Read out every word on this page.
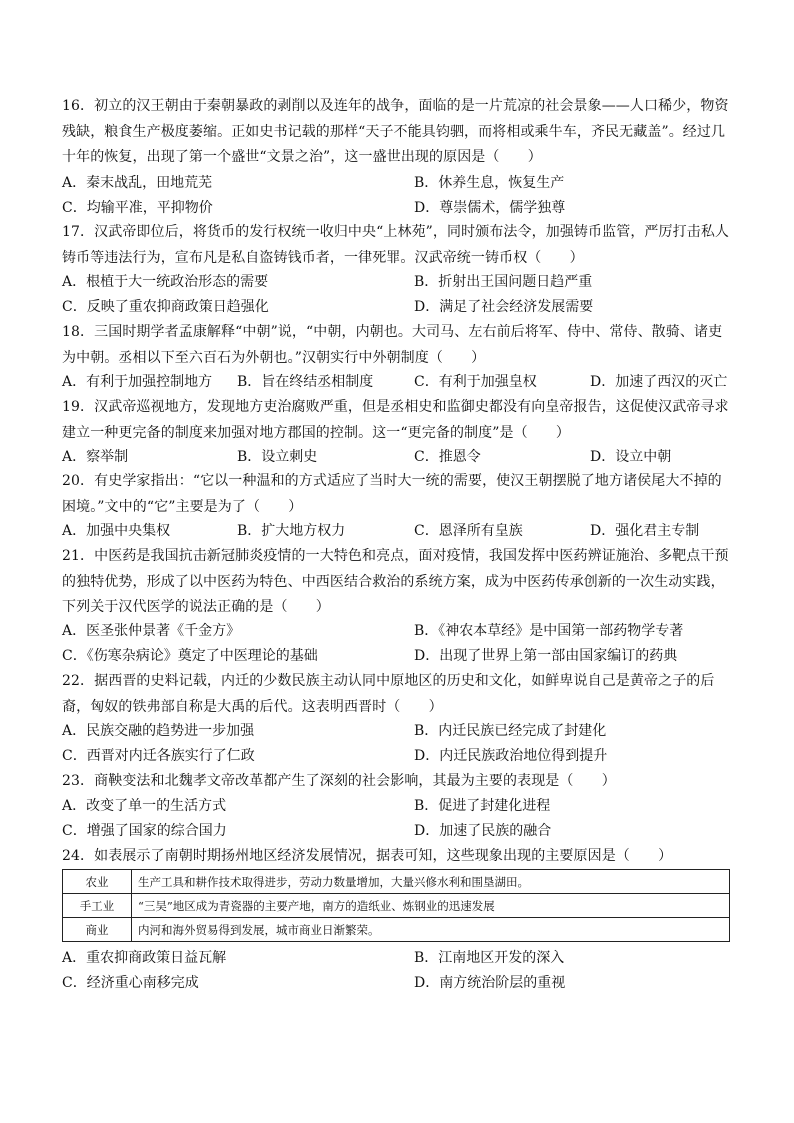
16．初立的汉王朝由于秦朝暴政的剥削以及连年的战争，面临的是一片荒凉的社会景象——人口稀少，物资残缺，粮食生产极度萎缩。正如史书记载的那样“天子不能具钧驷，而将相或乘牛车，齐民无藏盖”。经过几十年的恢复，出现了第一个盛世“文景之治”，这一盛世出现的原因是（　　）
A．秦末战乱，田地荒芜	B．休养生息，恢复生产
C．均输平准，平抑物价	D．尊崇儒术，儒学独尊
17．汉武帝即位后，将货币的发行权统一收归中央“上林苑”，同时颁布法令，加强铸币监管，严厉打击私人铸币等违法行为，宣布凡是私自盗铸钱币者，一律死罪。汉武帝统一铸币权（　　）
A．根植于大一统政治形态的需要	B．折射出王国问题日趋严重
C．反映了重农抑商政策日趋强化	D．满足了社会经济发展需要
18．三国时期学者孟康解释“中朝”说，“中朝，内朝也。大司马、左右前后将军、侍中、常侍、散骑、诸吏为中朝。丞相以下至六百石为外朝也。”汉朝实行中外朝制度（　　）
A．有利于加强控制地方 B．旨在终结丞相制度	C．有利于加强皇权	D．加速了西汉的灭亡
19．汉武帝巡视地方，发现地方吏治腐败严重，但是丞相史和监御史都没有向皇帝报告，这促使汉武帝寻求建立一种更完备的制度来加强对地方郡国的控制。这一“更完备的制度”是（　　）
A．察举制	B．设立刺史	C．推恩令	D．设立中朝
20．有史学家指出：“它以一种温和的方式适应了当时大一统的需要，使汉王朝摆脱了地方诸侯尾大不掉的困境。”文中的“它”主要是为了（　　）
A．加强中央集权	B．扩大地方权力	C．恩泽所有皇族	D．强化君主专制
21．中医药是我国抗击新冠肺炎疫情的一大特色和亮点，面对疫情，我国发挥中医药辨证施治、多靶点干预的独特优势，形成了以中医药为特色、中西医结合救治的系统方案，成为中医药传承创新的一次生动实践，下列关于汉代医学的说法正确的是（　　）
A．医圣张仲景著《千金方》	B．《神农本草经》是中国第一部药物学专著
C．《伤寒杂病论》奠定了中医理论的基础	D．出现了世界上第一部由国家编订的药典
22．据西晋的史料记载，内迁的少数民族主动认同中原地区的历史和文化，如鲜卑说自己是黄帝之子的后裔，匈奴的铁弗部自称是大禹的后代。这表明西晋时（　　）
A．民族交融的趋势进一步加强	B．内迁民族已经完成了封建化
C．西晋对内迁各族实行了仁政	D．内迁民族政治地位得到提升
23．商鞅变法和北魏孝文帝改革都产生了深刻的社会影响，其最为主要的表现是（　　）
A．改变了单一的生活方式	B．促进了封建化进程
C．增强了国家的综合国力	D．加速了民族的融合
24．如表展示了南朝时期扬州地区经济发展情况，据表可知，这些现象出现的主要原因是（　　）
农业	生产工具和耕作技术取得进步，劳动力数量增加，大量兴修水利和围垦湖田。
手工业	“三吴”地区成为青瓷器的主要产地，南方的造纸业、炼钢业的迅速发展
商业	内河和海外贸易得到发展，城市商业日渐繁荣。
A．重农抑商政策日益瓦解	B．江南地区开发的深入
C．经济重心南移完成	D．南方统治阶层的重视
